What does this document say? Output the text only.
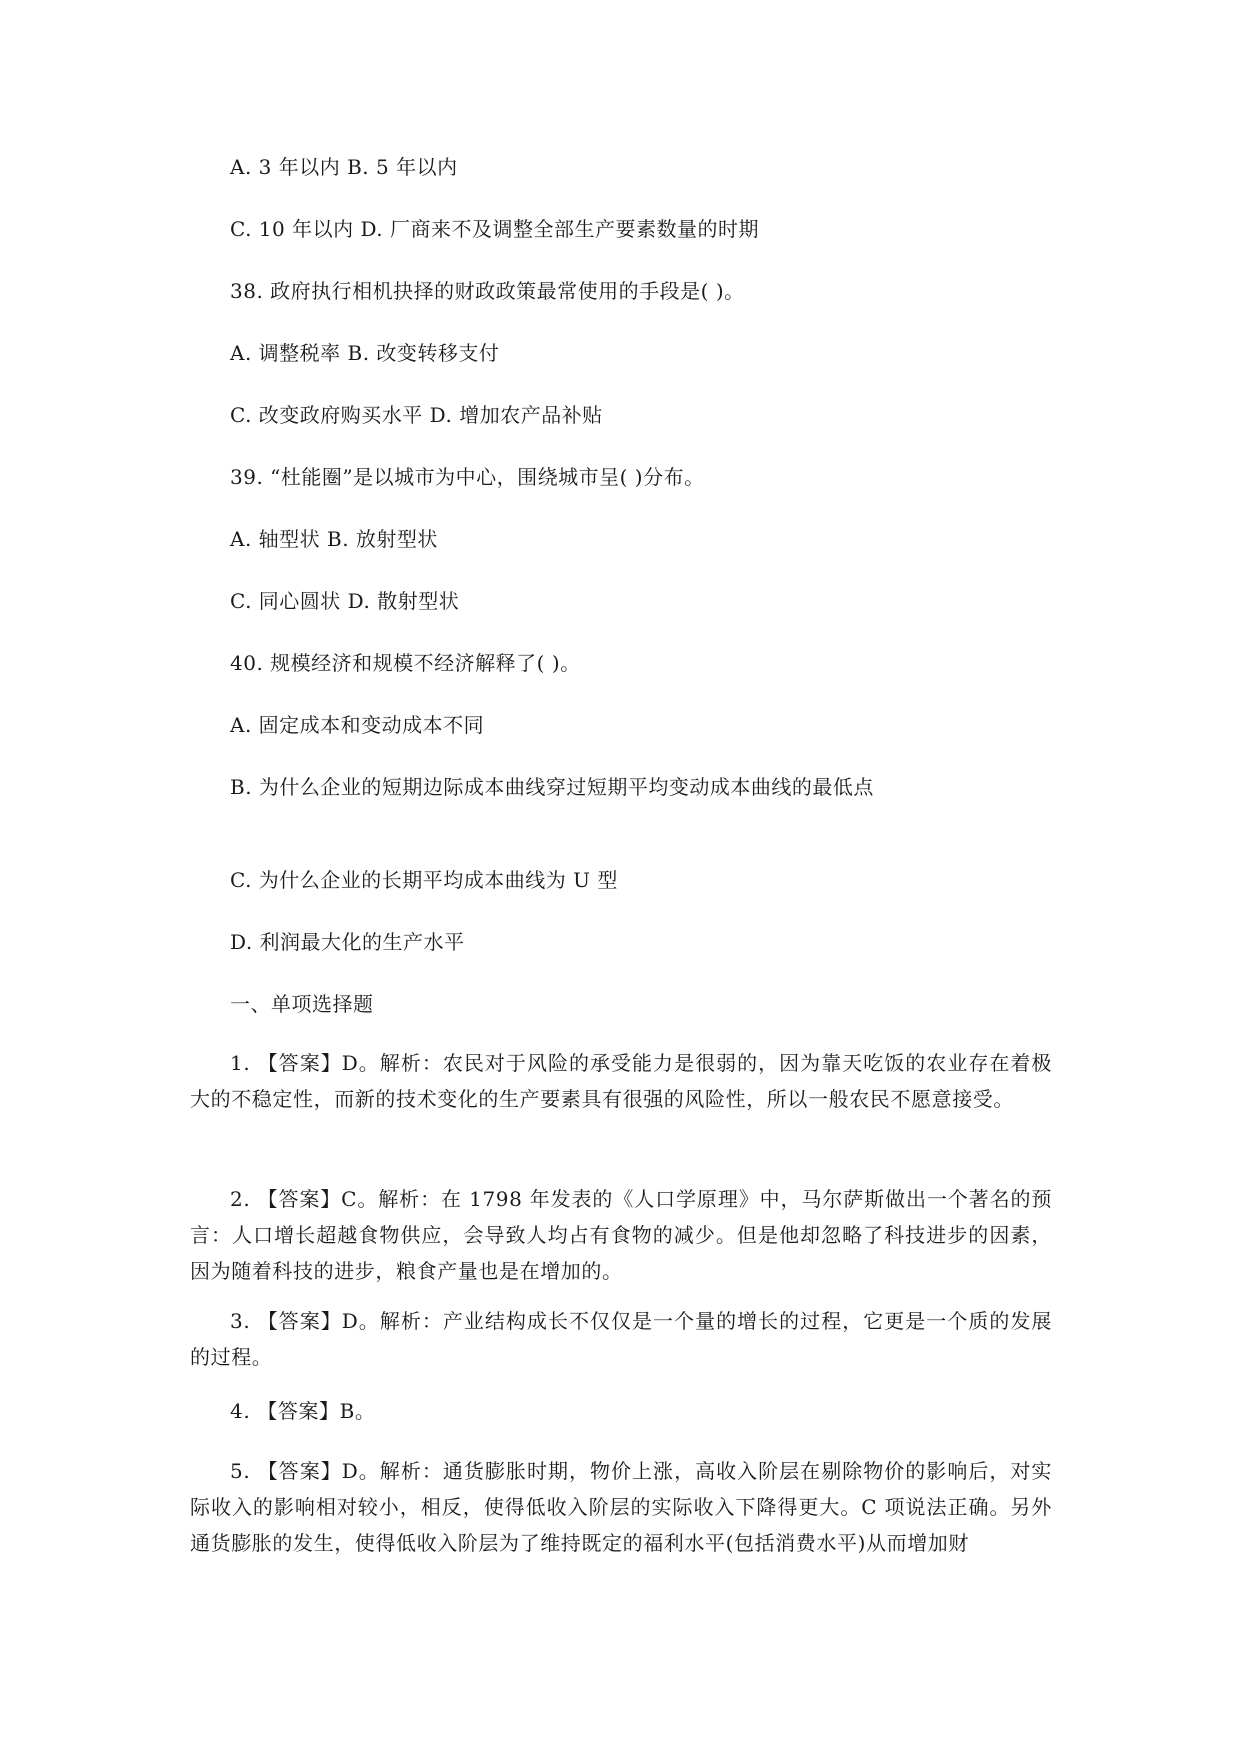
A. 3 年以内 B. 5 年以内
C. 10 年以内 D. 厂商来不及调整全部生产要素数量的时期
38. 政府执行相机抉择的财政政策最常使用的手段是( )。
A. 调整税率 B. 改变转移支付
C. 改变政府购买水平 D. 增加农产品补贴
39. “杜能圈”是以城市为中心，围绕城市呈( )分布。
A. 轴型状 B. 放射型状
C. 同心圆状 D. 散射型状
40. 规模经济和规模不经济解释了( )。
A. 固定成本和变动成本不同
B. 为什么企业的短期边际成本曲线穿过短期平均变动成本曲线的最低点
C. 为什么企业的长期平均成本曲线为 U 型
D. 利润最大化的生产水平
一、单项选择题
1. 【答案】D。解析：农民对于风险的承受能力是很弱的，因为靠天吃饭的农业存在着极大的不稳定性，而新的技术变化的生产要素具有很强的风险性，所以一般农民不愿意接受。
2. 【答案】C。解析：在 1798 年发表的《人口学原理》中，马尔萨斯做出一个著名的预言：人口增长超越食物供应，会导致人均占有食物的减少。但是他却忽略了科技进步的因素，因为随着科技的进步，粮食产量也是在增加的。
3. 【答案】D。解析：产业结构成长不仅仅是一个量的增长的过程，它更是一个质的发展的过程。
4. 【答案】B。
5. 【答案】D。解析：通货膨胀时期，物价上涨，高收入阶层在剔除物价的影响后，对实际收入的影响相对较小，相反，使得低收入阶层的实际收入下降得更大。C 项说法正确。另外通货膨胀的发生，使得低收入阶层为了维持既定的福利水平(包括消费水平)从而增加财
